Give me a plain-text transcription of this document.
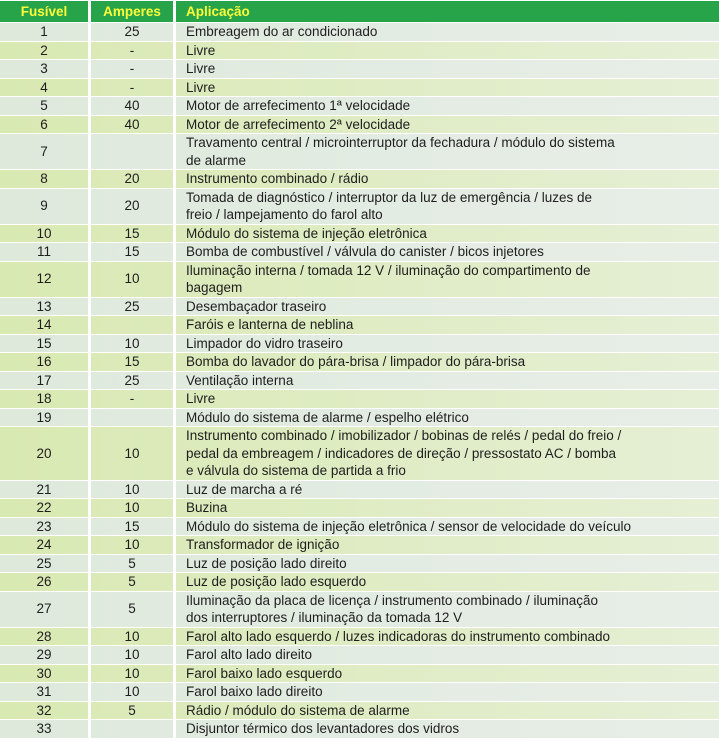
Fusível	Amperes	Aplicação
1	25	Embreagem do ar condicionado
2	-	Livre
3	-	Livre
4	-	Livre
5	40	Motor de arrefecimento 1ª velocidade
6	40	Motor de arrefecimento 2ª velocidade
7		Travamento central / microinterruptor da fechadura / módulo do sistema
de alarme
8	20	Instrumento combinado / rádio
9	20	Tomada de diagnóstico / interruptor da luz de emergência / luzes de
freio / lampejamento do farol alto
10	15	Módulo do sistema de injeção eletrônica
11	15	Bomba de combustível / válvula do canister / bicos injetores
12	10	Iluminação interna / tomada 12 V / iluminação do compartimento de
bagagem
13	25	Desembaçador traseiro
14		Faróis e lanterna de neblina
15	10	Limpador do vidro traseiro
16	15	Bomba do lavador do pára-brisa / limpador do pára-brisa
17	25	Ventilação interna
18	-	Livre
19		Módulo do sistema de alarme / espelho elétrico
20	10	Instrumento combinado / imobilizador / bobinas de relés / pedal do freio /
pedal da embreagem / indicadores de direção / pressostato AC / bomba
e válvula do sistema de partida a frio
21	10	Luz de marcha a ré
22	10	Buzina
23	15	Módulo do sistema de injeção eletrônica / sensor de velocidade do veículo
24	10	Transformador de ignição
25	5	Luz de posição lado direito
26	5	Luz de posição lado esquerdo
27	5	Iluminação da placa de licença / instrumento combinado / iluminação
dos interruptores / iluminação da tomada 12 V
28	10	Farol alto lado esquerdo / luzes indicadoras do instrumento combinado
29	10	Farol alto lado direito
30	10	Farol baixo lado esquerdo
31	10	Farol baixo lado direito
32	5	Rádio / módulo do sistema de alarme
33		Disjuntor térmico dos levantadores dos vidros
